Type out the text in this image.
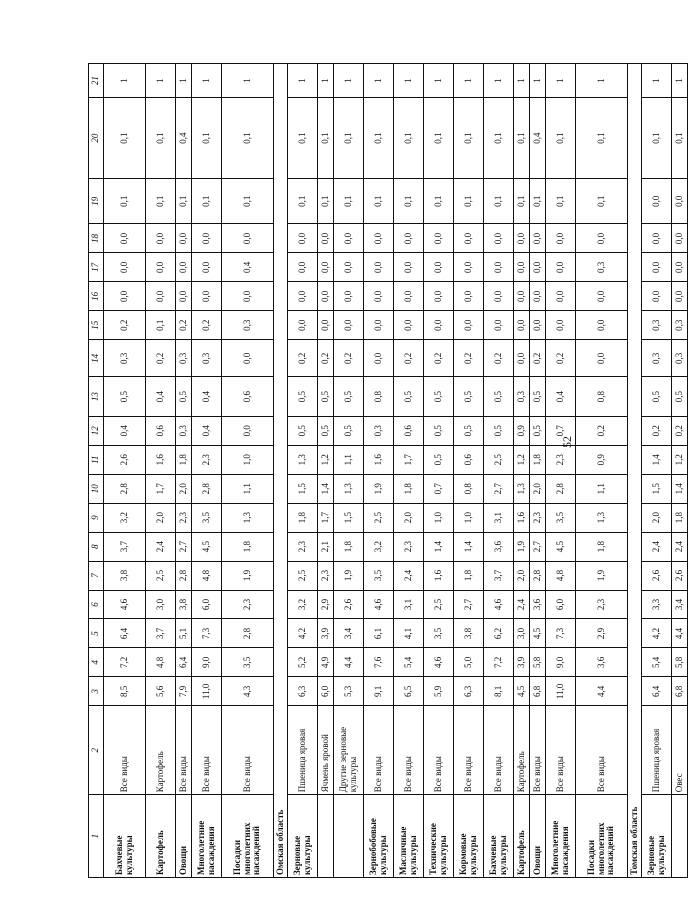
52
1	2	3	4	5	6	7	8	9	10	11	12	13	14	15	16	17	18	19	20	21
Бахчевые культуры	Все виды	8,5	7,2	6,4	4,6	3,8	3,7	3,2	2,8	2,6	0,4	0,5	0,3	0,2	0,0	0,0	0,0	0,1	0,1	1
Картофель	Картофель	5,6	4,8	3,7	3,0	2,5	2,4	2,0	1,7	1,6	0,6	0,4	0,2	0,1	0,0	0,0	0,0	0,1	0,1	1
Овощи	Все виды	7,9	6,4	5,1	3,8	2,8	2,7	2,3	2,0	1,8	0,3	0,5	0,3	0,2	0,0	0,0	0,0	0,1	0,4	1
Многолетние насаждения	Все виды	11,0	9,0	7,3	6,0	4,8	4,5	3,5	2,8	2,3	0,4	0,4	0,3	0,2	0,0	0,0	0,0	0,1	0,1	1
Посадки многолетних насаждений	Все виды	4,3	3,5	2,8	2,3	1,9	1,8	1,3	1,1	1,0	0,0	0,6	0,0	0,3	0,0	0,4	0,0	0,1	0,1	1
Омская область																				
Зерновые культуры	Пшеница яровая	6,3	5,2	4,2	3,2	2,5	2,3	1,8	1,5	1,3	0,5	0,5	0,2	0,0	0,0	0,0	0,0	0,1	0,1	1
	Ячмень яровой	6,0	4,9	3,9	2,9	2,3	2,1	1,7	1,4	1,2	0,5	0,5	0,2	0,0	0,0	0,0	0,0	0,1	0,1	1
	Другие зерновые культуры	5,3	4,4	3,4	2,6	1,9	1,8	1,5	1,3	1,1	0,5	0,5	0,2	0,0	0,0	0,0	0,0	0,1	0,1	1
Зернобобовые культуры	Все виды	9,1	7,6	6,1	4,6	3,5	3,2	2,5	1,9	1,6	0,3	0,8	0,0	0,0	0,0	0,0	0,0	0,1	0,1	1
Масличные культуры	Все виды	6,5	5,4	4,1	3,1	2,4	2,3	2,0	1,8	1,7	0,6	0,5	0,2	0,0	0,0	0,0	0,0	0,1	0,1	1
Технические культуры	Все виды	5,9	4,6	3,5	2,5	1,6	1,4	1,0	0,7	0,5	0,5	0,5	0,2	0,0	0,0	0,0	0,0	0,1	0,1	1
Кормовые культуры	Все виды	6,3	5,0	3,8	2,7	1,8	1,4	1,0	0,8	0,6	0,5	0,5	0,2	0,0	0,0	0,0	0,0	0,1	0,1	1
Бахчевые культуры	Все виды	8,1	7,2	6,2	4,6	3,7	3,6	3,1	2,7	2,5	0,5	0,5	0,2	0,0	0,0	0,0	0,0	0,1	0,1	1
Картофель	Картофель	4,5	3,9	3,0	2,4	2,0	1,9	1,6	1,3	1,2	0,9	0,3	0,0	0,0	0,0	0,0	0,0	0,1	0,1	1
Овощи	Все виды	6,8	5,8	4,5	3,6	2,8	2,7	2,3	2,0	1,8	0,5	0,5	0,2	0,0	0,0	0,0	0,0	0,1	0,4	1
Многолетние насаждения	Все виды	11,0	9,0	7,3	6,0	4,8	4,5	3,5	2,8	2,3	0,7	0,4	0,2	0,0	0,0	0,0	0,0	0,1	0,1	1
Посадки многолетних насаждений	Все виды	4,4	3,6	2,9	2,3	1,9	1,8	1,3	1,1	0,9	0,2	0,8	0,0	0,0	0,0	0,3	0,0	0,1	0,1	1
Томская область																				
Зерновые культуры	Пшеница яровая	6,4	5,4	4,2	3,3	2,6	2,4	2,0	1,5	1,4	0,2	0,5	0,3	0,3	0,0	0,0	0,0	0,0	0,1	1
	Овес	6,8	5,8	4,4	3,4	2,6	2,4	1,8	1,4	1,2	0,2	0,5	0,3	0,3	0,0	0,0	0,0	0,0	0,1	1
